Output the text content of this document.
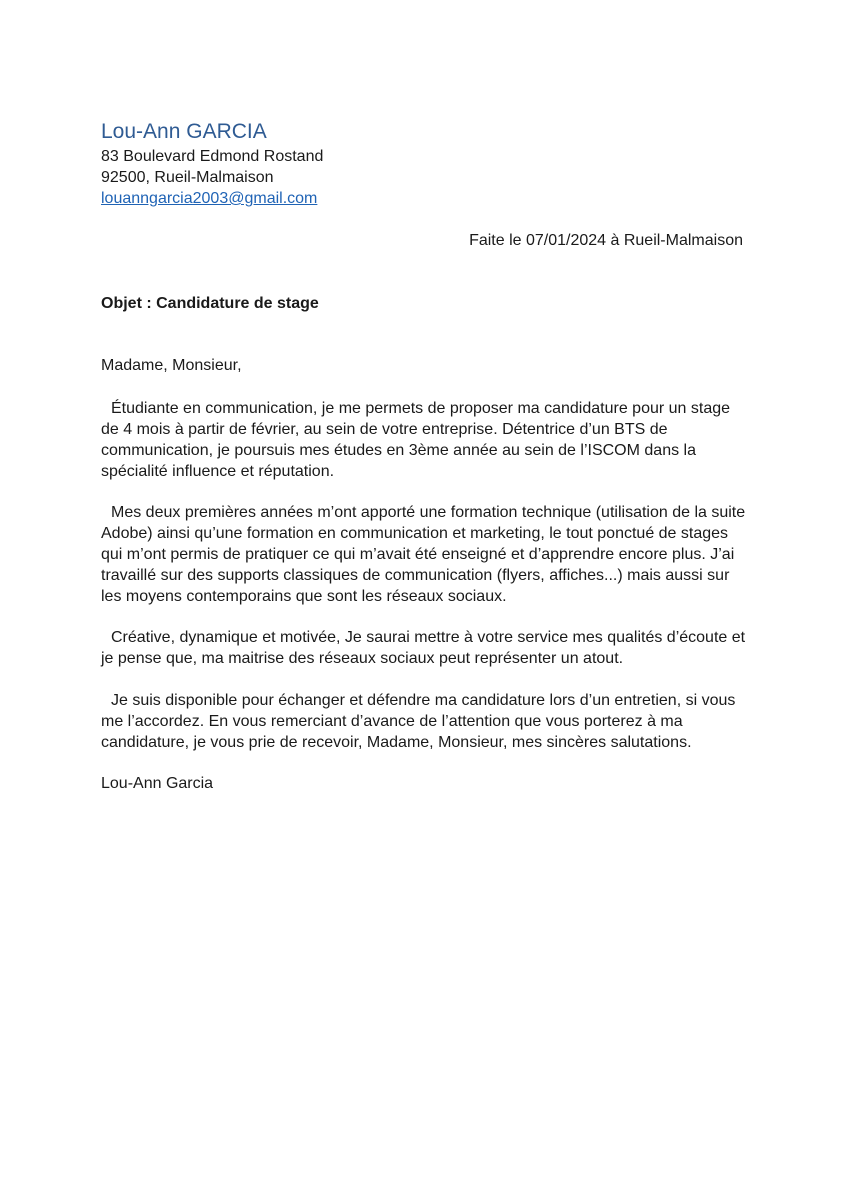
Lou-Ann GARCIA
83 Boulevard Edmond Rostand
92500, Rueil-Malmaison
louanngarcia2003@gmail.com
Faite le 07/01/2024 à Rueil-Malmaison
Objet : Candidature de stage
Madame, Monsieur,

Étudiante en communication, je me permets de proposer ma candidature pour un stage de 4 mois à partir de février, au sein de votre entreprise. Détentrice d’un BTS de communication, je poursuis mes études en 3ème année au sein de l’ISCOM dans la spécialité influence et réputation.

Mes deux premières années m’ont apporté une formation technique (utilisation de la suite Adobe) ainsi qu’une formation en communication et marketing, le tout ponctué de stages qui m’ont permis de pratiquer ce qui m’avait été enseigné et d’apprendre encore plus. J’ai travaillé sur des supports classiques de communication (flyers, affiches...) mais aussi sur les moyens contemporains que sont les réseaux sociaux.

Créative, dynamique et motivée, Je saurai mettre à votre service mes qualités d’écoute et je pense que, ma maitrise des réseaux sociaux peut représenter un atout.

Je suis disponible pour échanger et défendre ma candidature lors d’un entretien, si vous me l’accordez. En vous remerciant d’avance de l’attention que vous porterez à ma candidature, je vous prie de recevoir, Madame, Monsieur, mes sincères salutations.

Lou-Ann Garcia
